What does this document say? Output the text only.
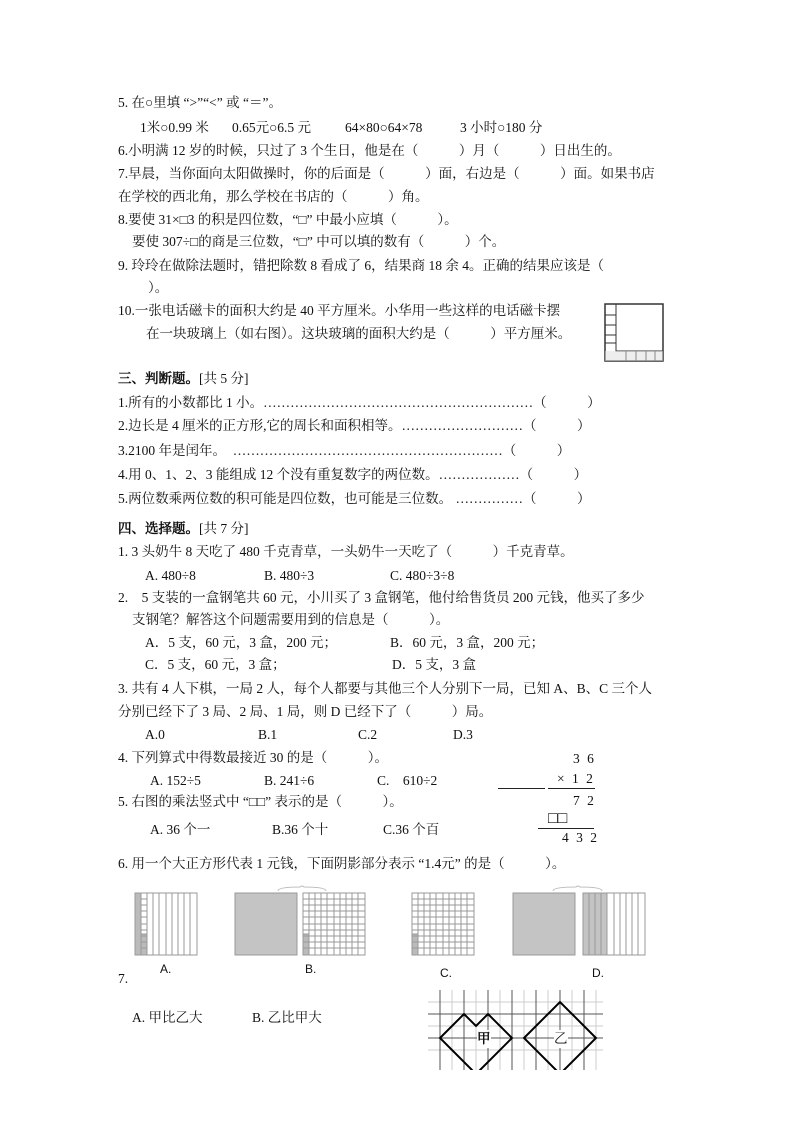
5. 在○里填 “>”“<” 或 “＝”。
1米○0.99 米 0.65元○6.5 元	64×80○64×78	3 小时○180 分
6.小明满 12 岁的时候，只过了 3 个生日，他是在（　　　）月（　　　）日出生的。
7.早晨，当你面向太阳做操时，你的后面是（　　　）面，右边是（　　　）面。如果书店
在学校的西北角，那么学校在书店的（　　　）角。
8.要使 31×□3 的积是四位数，“□” 中最小应填（　　　）。
要使 307÷□的商是三位数，“□” 中可以填的数有（　　　）个。
9. 玲玲在做除法题时，错把除数 8 看成了 6，结果商 18 余 4。正确的结果应该是（
）。
10.一张电话磁卡的面积大约是 40 平方厘米。小华用一些这样的电话磁卡摆
在一块玻璃上（如右图）。这块玻璃的面积大约是（　　　）平方厘米。
三、判断题。[共 5 分]
1.所有的小数都比 1 小。……………………………………………………（　　　）
2.边长是 4 厘米的正方形,它的周长和面积相等。………………………（　　　）
3.2100 年是闰年。　……………………………………………………（　　　）
4.用 0、1、2、3 能组成 12 个没有重复数字的两位数。………………（　　　）
5.两位数乘两位数的积可能是四位数，也可能是三位数。 ……………（　　　）
四、选择题。[共 7 分]
1. 3 头奶牛 8 天吃了 480 千克青草，一头奶牛一天吃了（　　　）千克青草。
A. 480÷8	B. 480÷3	C. 480÷3÷8
2.　5 支装的一盒钢笔共 60 元，小川买了 3 盒钢笔，他付给售货员 200 元钱，他买了多少
支钢笔？解答这个问题需要用到的信息是（　　　）。
A．5 支，60 元，3 盒，200 元；	B．60 元，3 盒，200 元；
C．5 支，60 元，3 盒；	D．5 支，3 盒
3. 共有 4 人下棋，一局 2 人，每个人都要与其他三个人分别下一局，已知 A、B、C 三个人
分别已经下了 3 局、2 局、1 局，则 D 已经下了（　　　）局。
A.0	B.1	C.2	D.3
4. 下列算式中得数最接近 30 的是（　　　）。
A. 152÷5	B. 241÷6	C.　610÷2
5. 右图的乘法竖式中 “□□” 表示的是（　　　）。
A. 36 个一	B.36 个十	C.36 个百
3 6
× 1 2
7 2
□□
4 3 2
6. 用一个大正方形代表 1 元钱，下面阴影部分表示 “1.4元” 的是（　　　）。
A.	B.	C.	D.
7.
A. 甲比乙大	B. 乙比甲大
甲	乙
